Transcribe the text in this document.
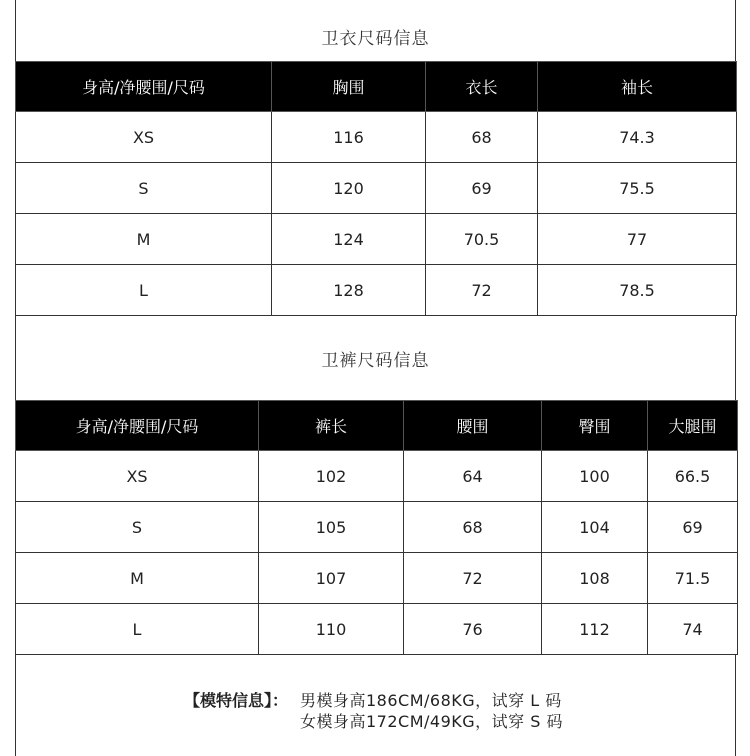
卫衣尺码信息
身高/净腰围/尺码	胸围	衣长	袖长
XS	116	68	74.3
S	120	69	75.5
M	124	70.5	77
L	128	72	78.5
卫裤尺码信息
身高/净腰围/尺码	裤长	腰围	臀围	大腿围
XS	102	64	100	66.5
S	105	68	104	69
M	107	72	108	71.5
L	110	76	112	74
【模特信息】： 男模身高186CM/68KG，试穿 L 码
女模身高172CM/49KG，试穿 S 码
